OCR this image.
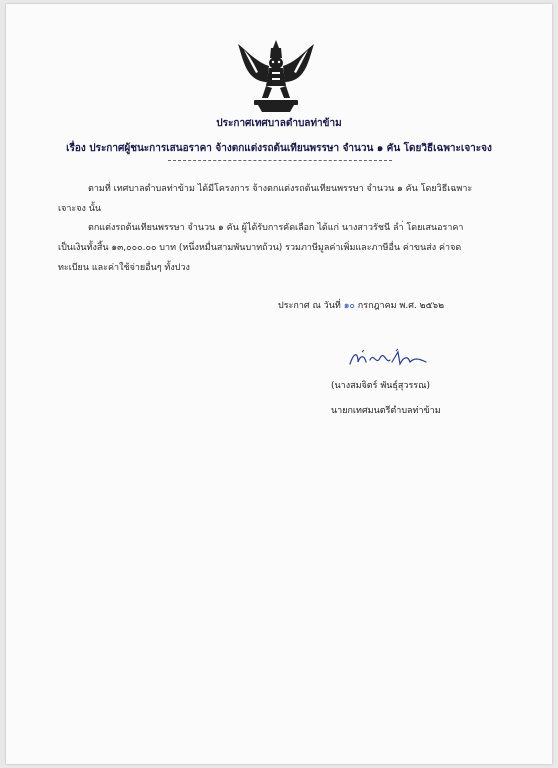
ประกาศเทศบาลตำบลท่าข้าม
เรื่อง ประกาศผู้ชนะการเสนอราคา จ้างตกแต่งรถต้นเทียนพรรษา จำนวน ๑ คัน โดยวิธีเฉพาะเจาะจง
ตามที่ เทศบาลตำบลท่าข้าม ได้มีโครงการ จ้างตกแต่งรถต้นเทียนพรรษา จำนวน ๑ คัน โดยวิธีเฉพาะ
เจาะจง นั้น
ตกแต่งรถต้นเทียนพรรษา จำนวน ๑ คัน ผู้ได้รับการคัดเลือก ได้แก่ นางสาวรัชนี ลํา่ โดยเสนอราคา
เป็นเงินทั้งสิ้น ๑๓,๐๐๐.๐๐ บาท (หนึ่งหมื่นสามพันบาทถ้วน) รวมภาษีมูลค่าเพิ่มและภาษีอื่น ค่าขนส่ง ค่าจด
ทะเบียน และค่าใช้จ่ายอื่นๆ ทั้งปวง
ประกาศ ณ วันที่ ๑๐ กรกฎาคม พ.ศ. ๒๕๖๒
(นางสมจิตร์ พันธุ์สุวรรณ)
นายกเทศมนตรีตำบลท่าข้าม
